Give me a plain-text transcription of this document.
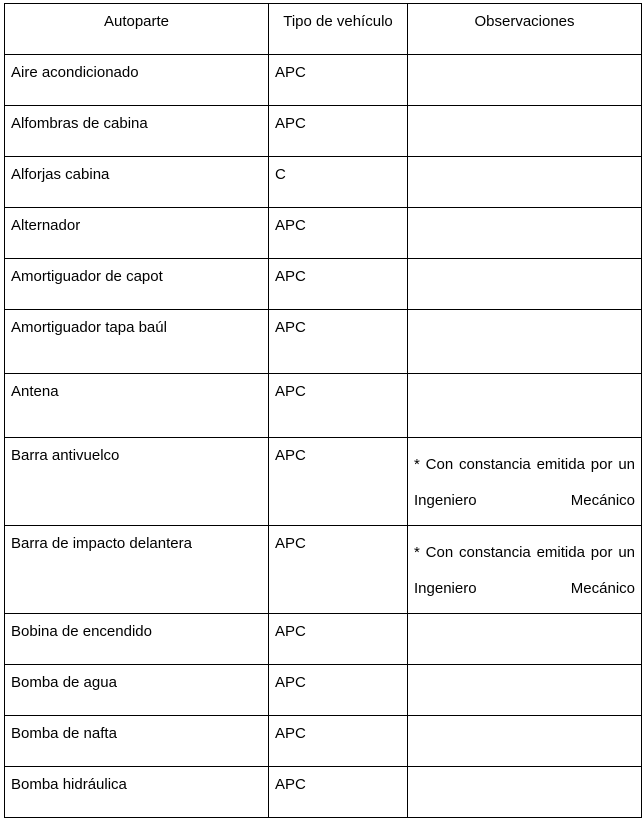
Autoparte	Tipo de vehículo	Observaciones
Aire acondicionado	APC	
Alfombras de cabina	APC	
Alforjas cabina	C	
Alternador	APC	
Amortiguador de capot	APC	
Amortiguador tapa baúl	APC	
Antena	APC	
Barra antivuelco	APC	* Con constancia emitida por un Ingeniero Mecánico

Barra de impacto delantera	APC	* Con constancia emitida por un Ingeniero Mecánico

Bobina de encendido	APC	
Bomba de agua	APC	
Bomba de nafta	APC	
Bomba hidráulica	APC	
